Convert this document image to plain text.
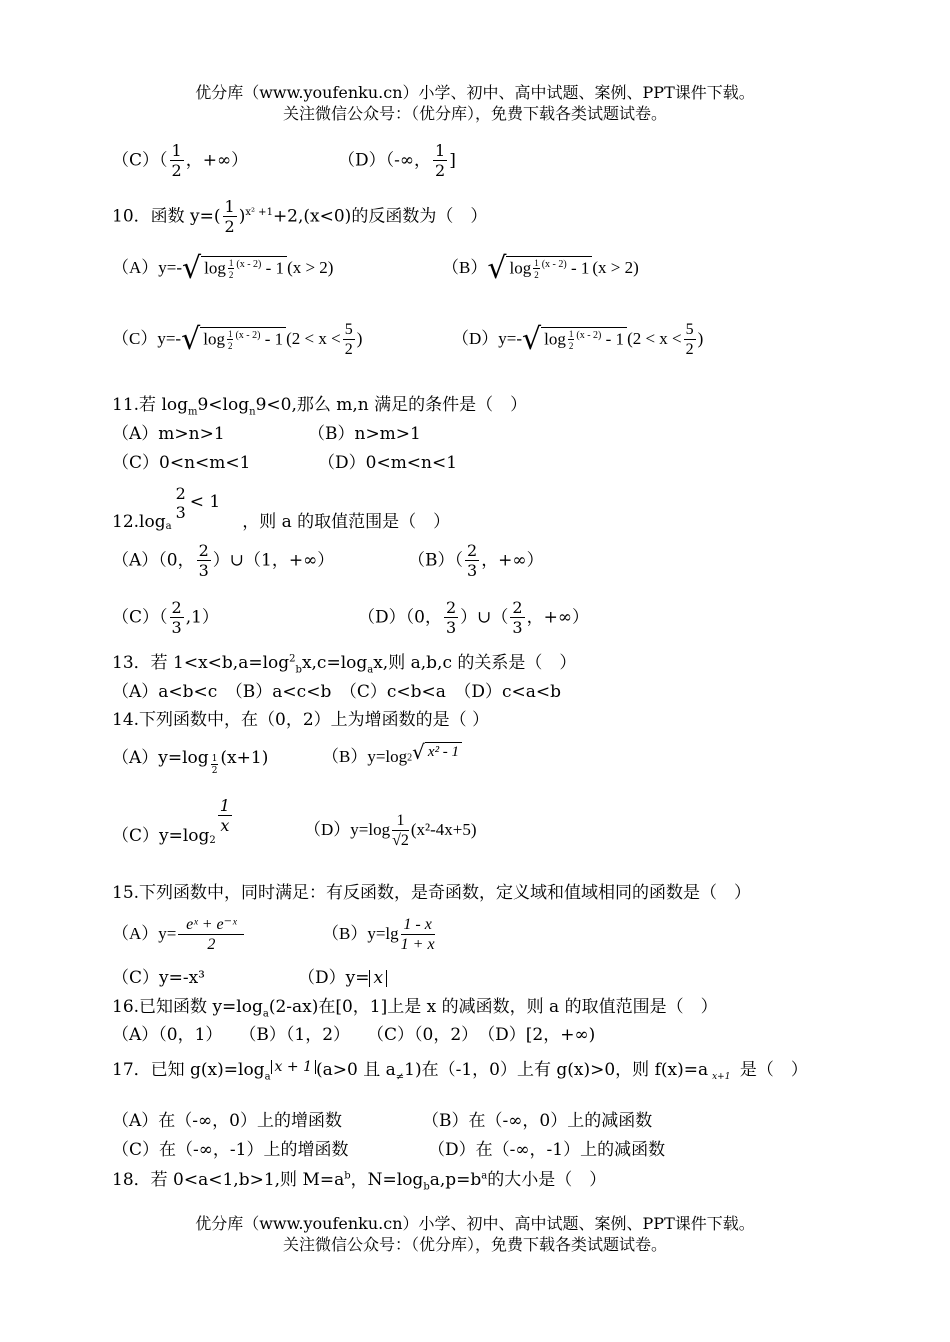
优分库（www.youfenku.cn）小学、初中、高中试题、案例、PPT课件下载。
关注微信公众号：（优分库），免费下载各类试题试卷。
$(C)( \frac{1}{2}$ ，+∞）	（D）（-∞， $\frac{1}{2}$ ]
10．函数 $y=( \frac{1}{2} )^{x^2 +1}+2,(x<0)$的反函数为（　）
（A）y=-√ $\log \frac{1}{2} ^{(x - 2)} - 1$ (x > 2)	（B）√ $\log \frac{1}{2} ^{(x - 2)} - 1$ (x > 2)
（C）y=-√ $\log \frac{1}{2} ^{(x - 2)} - 1$ ($2 < x < \frac{5}{2}$ )	（D）y=-√ $\log \frac{1}{2} ^{(x - 2)} - 1$ ($2 < x < \frac{5}{2}$ )
11.若 $\log_m9<\log_n9<0$,那么 m,n 满足的条件是（　）
（A）m>n>1	（B）n>m>1
（C）0<n<m<1	（D）0<m<n<1
$12.\log_a$
2
3
< 1，则 a 的取值范围是（　）
（A）（0， $\frac{2}{3}$ ）∪（1，+∞）	$(B)( \frac{2}{3}$ ，+∞）
$(C)( \frac{2}{3} ,1)$	（D）（0， $\frac{2}{3}$ ）∪（ $\frac{2}{3}$ ，+∞）
13．若 $1<x<b,a=\log^2_bx,c=\log_ax$,则 a,b,c 的关系是（　）
（A）a<b<c　（B）a<c<b　（C）c<b<a　（D）c<a<b
14.下列函数中，在（0，2）上为增函数的是（ ）
$(A)y=\log \frac{1}{2} (x+1)$	$(B)y=\log_2√$ x² - 1
$(C)y=\log_2$
$\frac{1}{x}$	$(D)y=\log \frac{1}{√2} (x^2-4x+5)$
15.下列函数中，同时满足：有反函数，是奇函数，定义域和值域相同的函数是（　）
$(A)y= \frac{\text{eˣ + e⁻ˣ}}{2}$	$(B)y=\lg \frac{1 - x}{1 + x}$
（C）y=-x³	（D）y= x
16.已知函数 $y=\log_a(2-ax)$在[0，1]上是 x 的减函数，则 a 的取值范围是（　）
（A）（0，1）　　（B）（1，2）　　（C）（0，2）　（D）[2，+∞)
17．已知 $g(x)=\log_ax + 1$ (a>0 且 $a_\ne 1$)在（-1，0）上有 g(x)>0，则 f(x)=a $_{x+1}$ 是（　）
（A）在（-∞，0）上的增函数	（B）在（-∞，0）上的减函数
（C）在（-∞，-1）上的增函数	（D）在（-∞，-1）上的减函数
18．若 0<a<1,b>1,则 $M=a^b$，$N=\log_ba,p=b^a$的大小是（　）
优分库（www.youfenku.cn）小学、初中、高中试题、案例、PPT课件下载。
关注微信公众号：（优分库），免费下载各类试题试卷。
